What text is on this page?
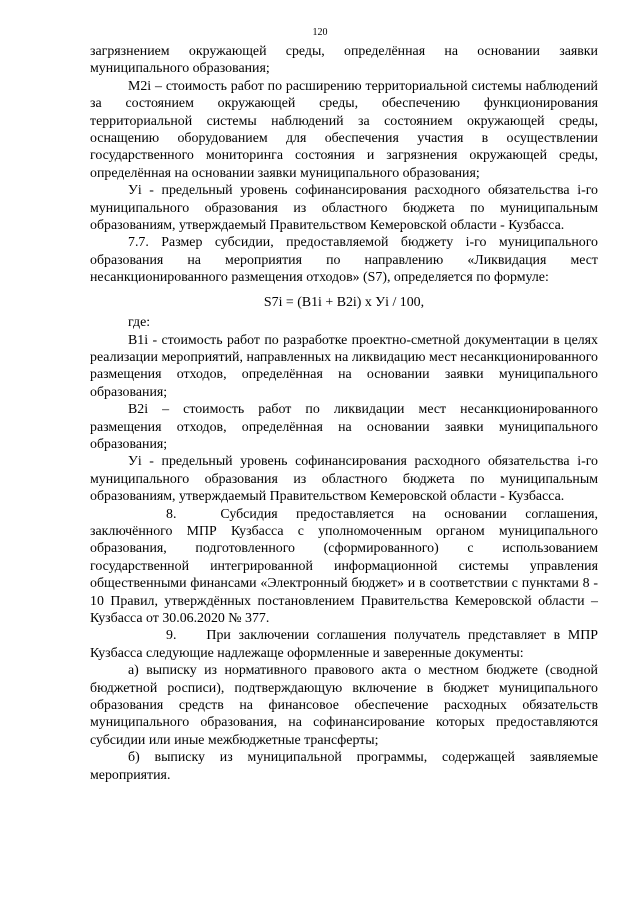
120

загрязнением окружающей среды, определённая на основании заявки муниципального образования;

M2i – стоимость работ по расширению территориальной системы наблюдений за состоянием окружающей среды, обеспечению функционирования территориальной системы наблюдений за состоянием окружающей среды, оснащению оборудованием для обеспечения участия в осуществлении государственного мониторинга состояния и загрязнения окружающей среды, определённая на основании заявки муниципального образования;

Уi - предельный уровень софинансирования расходного обязательства i-го муниципального образования из областного бюджета по муниципальным образованиям, утверждаемый Правительством Кемеровской области - Кузбасса.

7.7. Размер субсидии, предоставляемой бюджету i-го муниципального образования на мероприятия по направлению «Ликвидация мест несанкционированного размещения отходов» (S7), определяется по формуле:

S7i = (B1i + B2i) x Уi / 100,

где:

B1i - стоимость работ по разработке проектно-сметной документации в целях реализации мероприятий, направленных на ликвидацию мест несанкционированного размещения отходов, определённая на основании заявки муниципального образования;

B2i – стоимость работ по ликвидации мест несанкционированного размещения отходов, определённая на основании заявки муниципального образования;

Уi - предельный уровень софинансирования расходного обязательства i-го муниципального образования из областного бюджета по муниципальным образованиям, утверждаемый Правительством Кемеровской области - Кузбасса.

8.	Субсидия предоставляется на основании соглашения, заключённого МПР Кузбасса с уполномоченным органом муниципального образования, подготовленного (сформированного) с использованием государственной интегрированной информационной системы управления общественными финансами «Электронный бюджет» и в соответствии с пунктами 8 - 10 Правил, утверждённых постановлением Правительства Кемеровской области – Кузбасса от 30.06.2020 № 377.

9. При заключении соглашения получатель представляет в МПР Кузбасса следующие надлежаще оформленные и заверенные документы:

а) выписку из нормативного правового акта о местном бюджете (сводной бюджетной росписи), подтверждающую включение в бюджет муниципального образования средств на финансовое обеспечение расходных обязательств муниципального образования, на софинансирование которых предоставляются субсидии или иные межбюджетные трансферты;

б) выписку из муниципальной программы, содержащей заявляемые мероприятия.
